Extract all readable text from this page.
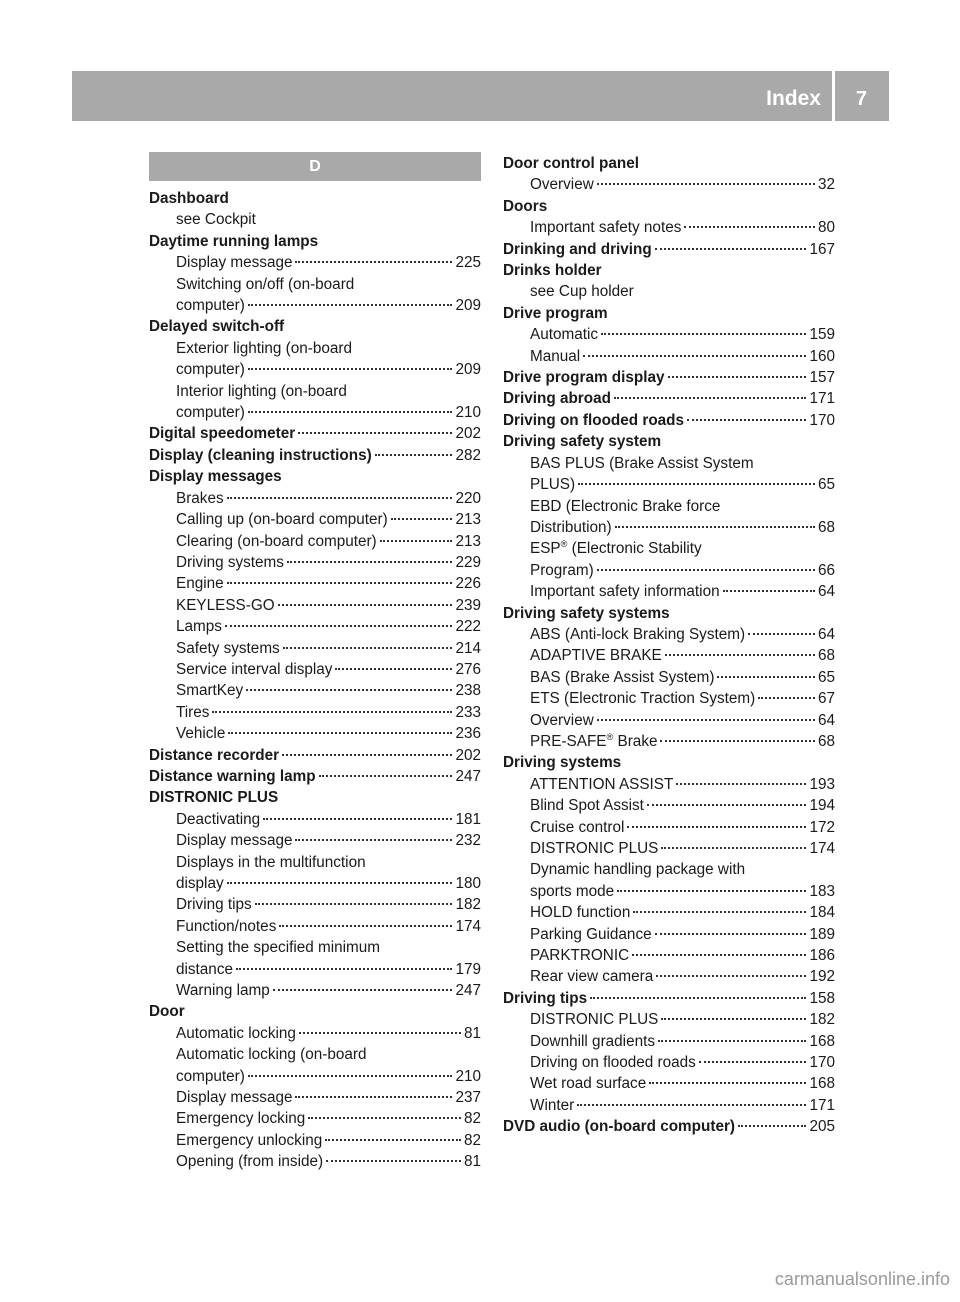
Index 7
D
Dashboard
see Cockpit
Daytime running lamps
Display message	225
Switching on/off (on-board
computer)	209
Delayed switch-off
Exterior lighting (on-board
computer)	209
Interior lighting (on-board
computer)	210
Digital speedometer	202
Display (cleaning instructions)	282
Display messages
Brakes	220
Calling up (on-board computer)	213
Clearing (on-board computer)	213
Driving systems	229
Engine	226
KEYLESS-GO	239
Lamps	222
Safety systems	214
Service interval display	276
SmartKey	238
Tires	233
Vehicle	236
Distance recorder	202
Distance warning lamp	247
DISTRONIC PLUS
Deactivating	181
Display message	232
Displays in the multifunction
display	180
Driving tips	182
Function/notes	174
Setting the specified minimum
distance	179
Warning lamp	247
Door
Automatic locking	81
Automatic locking (on-board
computer)	210
Display message	237
Emergency locking	82
Emergency unlocking	82
Opening (from inside)	81
Door control panel
Overview	32
Doors
Important safety notes	80
Drinking and driving	167
Drinks holder
see Cup holder
Drive program
Automatic	159
Manual	160
Drive program display	157
Driving abroad	171
Driving on flooded roads	170
Driving safety system
BAS PLUS (Brake Assist System
PLUS)	65
EBD (Electronic Brake force
Distribution)	68
ESP® (Electronic Stability
Program)	66
Important safety information	64
Driving safety systems
ABS (Anti-lock Braking System)	64
ADAPTIVE BRAKE	68
BAS (Brake Assist System)	65
ETS (Electronic Traction System)	67
Overview	64
PRE-SAFE® Brake	68
Driving systems
ATTENTION ASSIST	193
Blind Spot Assist	194
Cruise control	172
DISTRONIC PLUS	174
Dynamic handling package with
sports mode	183
HOLD function	184
Parking Guidance	189
PARKTRONIC	186
Rear view camera	192
Driving tips	158
DISTRONIC PLUS	182
Downhill gradients	168
Driving on flooded roads	170
Wet road surface	168
Winter	171
DVD audio (on-board computer)	205
carmanualsonline.info
